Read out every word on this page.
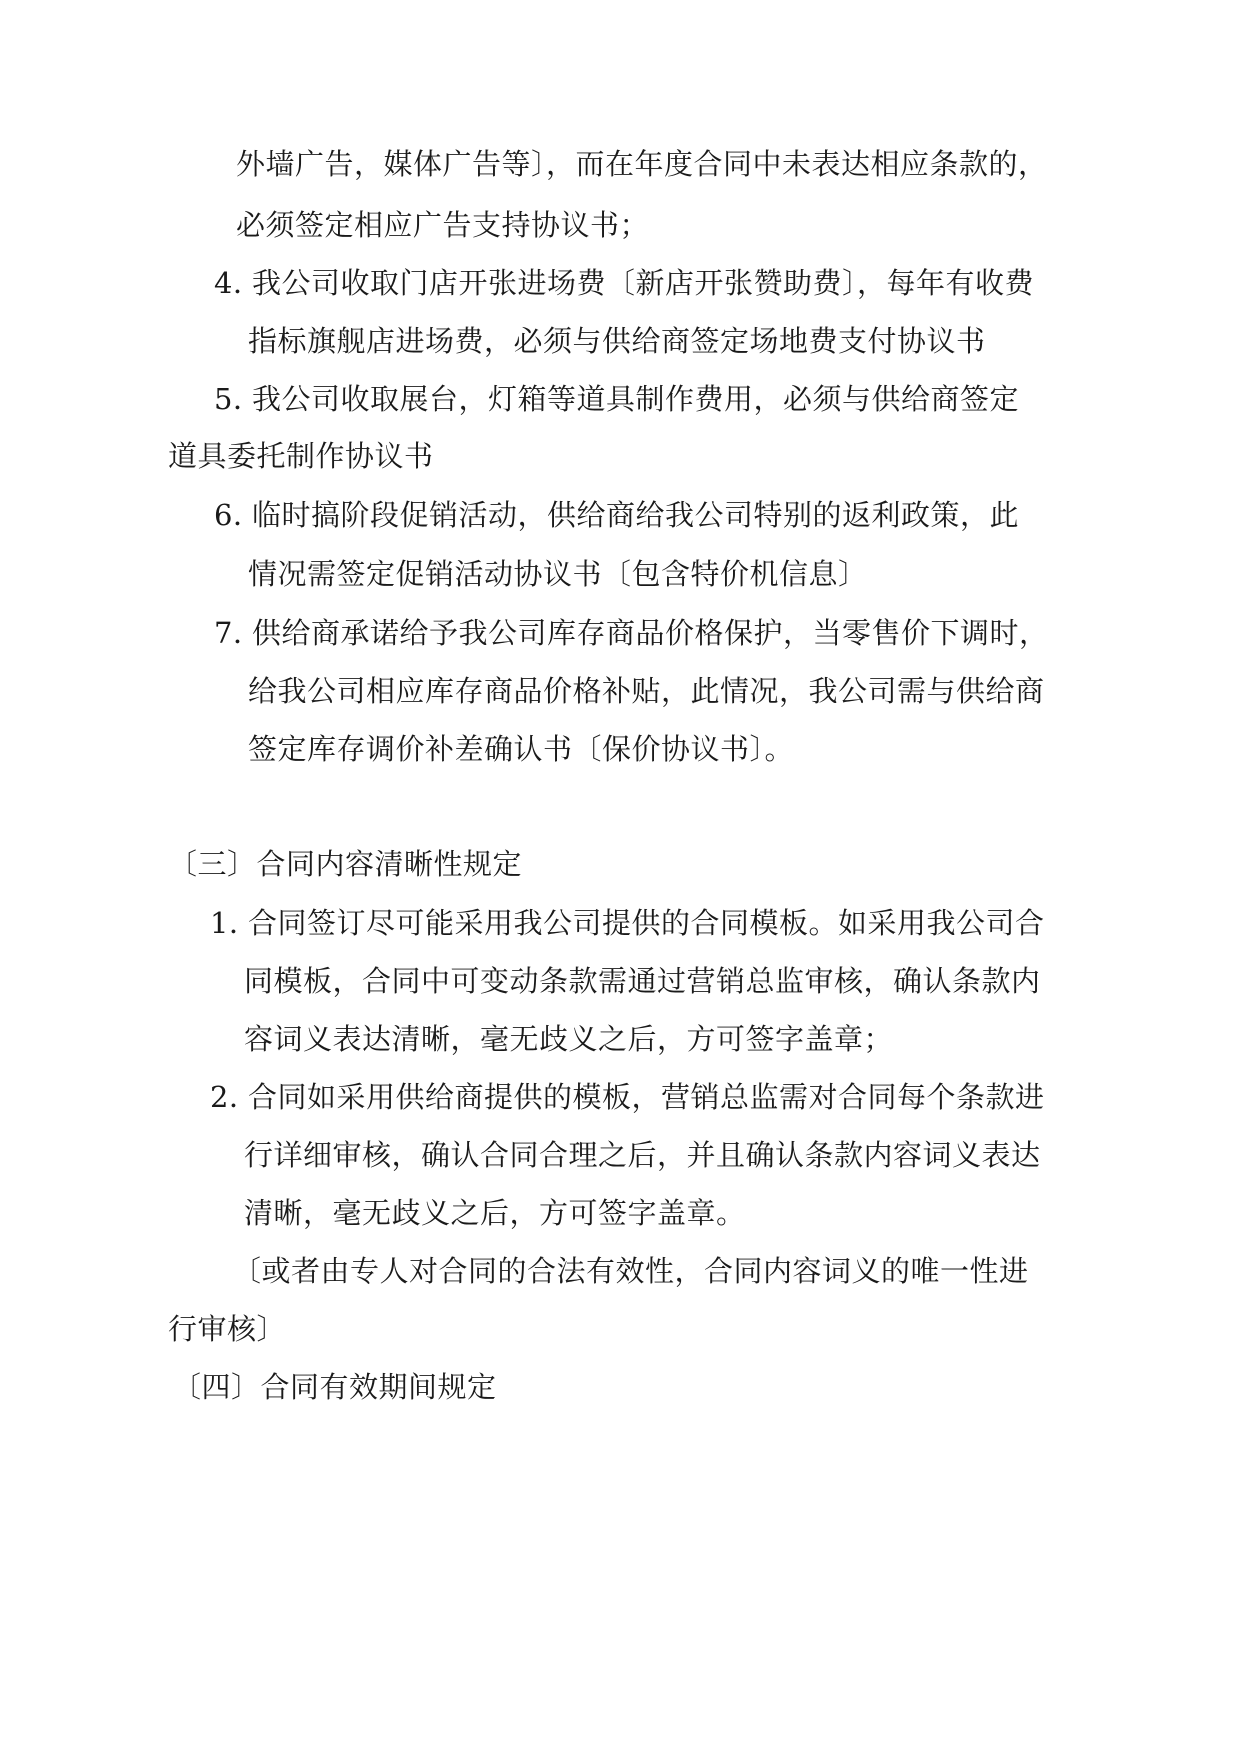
外墙广告，媒体广告等〕，而在年度合同中未表达相应条款的，
必须签定相应广告支持协议书；
4．我公司收取门店开张进场费〔新店开张赞助费〕，每年有收费
指标旗舰店进场费，必须与供给商签定场地费支付协议书
5．我公司收取展台，灯箱等道具制作费用，必须与供给商签定
道具委托制作协议书
6．临时搞阶段促销活动，供给商给我公司特别的返利政策，此
情况需签定促销活动协议书〔包含特价机信息〕
7．供给商承诺给予我公司库存商品价格保护，当零售价下调时，
给我公司相应库存商品价格补贴，此情况，我公司需与供给商
签定库存调价补差确认书〔保价协议书〕。
〔三〕合同内容清晰性规定
1．合同签订尽可能采用我公司提供的合同模板。如采用我公司合
同模板，合同中可变动条款需通过营销总监审核，确认条款内
容词义表达清晰，毫无歧义之后，方可签字盖章；
2．合同如采用供给商提供的模板，营销总监需对合同每个条款进
行详细审核，确认合同合理之后，并且确认条款内容词义表达
清晰，毫无歧义之后，方可签字盖章。
〔或者由专人对合同的合法有效性，合同内容词义的唯一性进
行审核〕
〔四〕合同有效期间规定
